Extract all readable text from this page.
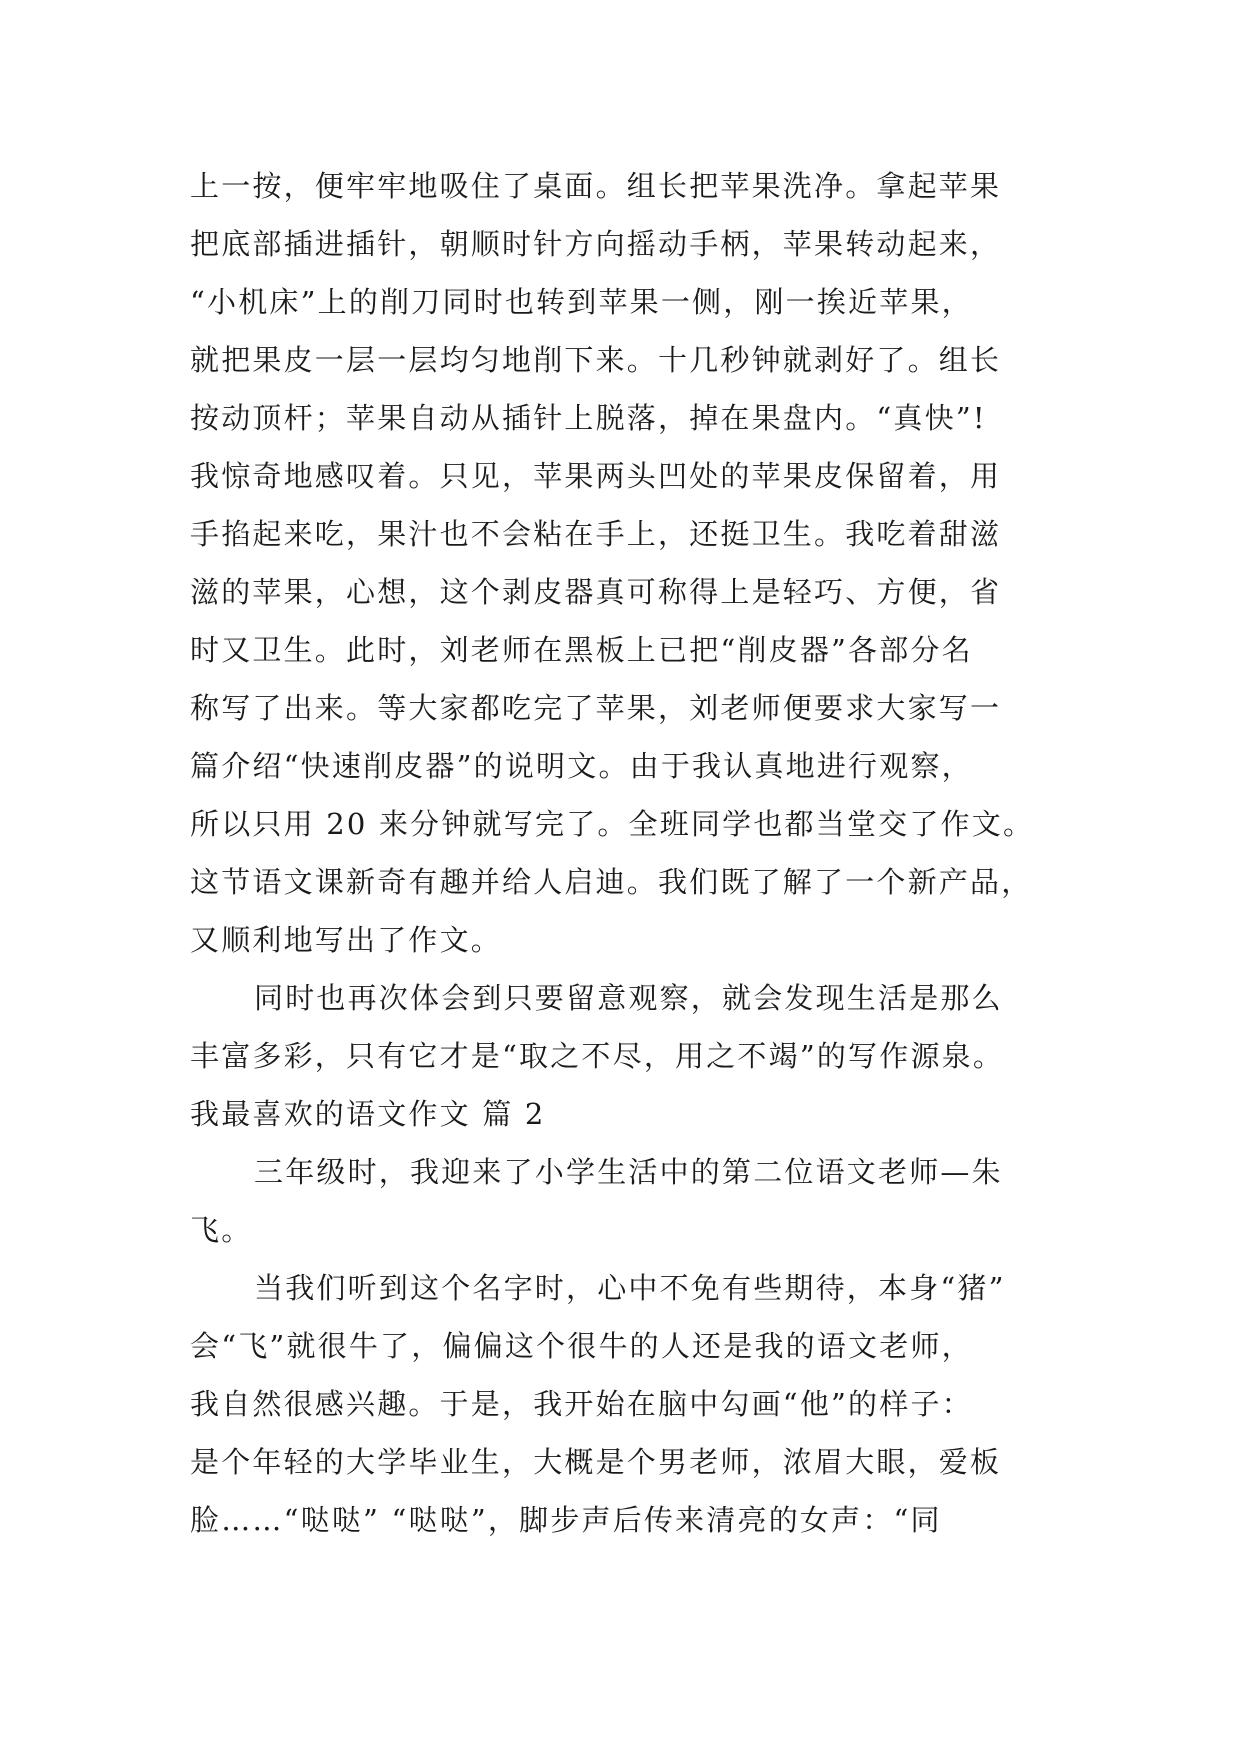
上一按，便牢牢地吸住了桌面。组长把苹果洗净。拿起苹果
把底部插进插针，朝顺时针方向摇动手柄，苹果转动起来，
“小机床”上的削刀同时也转到苹果一侧，刚一挨近苹果，
就把果皮一层一层均匀地削下来。十几秒钟就剥好了。组长
按动顶杆；苹果自动从插针上脱落，掉在果盘内。“真快”!
我惊奇地感叹着。只见，苹果两头凹处的苹果皮保留着，用
手掐起来吃，果汁也不会粘在手上，还挺卫生。我吃着甜滋
滋的苹果，心想，这个剥皮器真可称得上是轻巧、方便，省
时又卫生。此时，刘老师在黑板上已把“削皮器”各部分名
称写了出来。等大家都吃完了苹果，刘老师便要求大家写一
篇介绍“快速削皮器”的说明文。由于我认真地进行观察，
所以只用 20 来分钟就写完了。全班同学也都当堂交了作文。
这节语文课新奇有趣并给人启迪。我们既了解了一个新产品，
又顺利地写出了作文。
同时也再次体会到只要留意观察，就会发现生活是那么
丰富多彩，只有它才是“取之不尽，用之不竭”的写作源泉。
我最喜欢的语文作文 篇 2
三年级时，我迎来了小学生活中的第二位语文老师—朱
飞。
当我们听到这个名字时，心中不免有些期待，本身“猪”
会“飞”就很牛了，偏偏这个很牛的人还是我的语文老师，
我自然很感兴趣。于是，我开始在脑中勾画“他”的样子：
是个年轻的大学毕业生，大概是个男老师，浓眉大眼，爱板
脸……“哒哒” “哒哒”，脚步声后传来清亮的女声：“同
